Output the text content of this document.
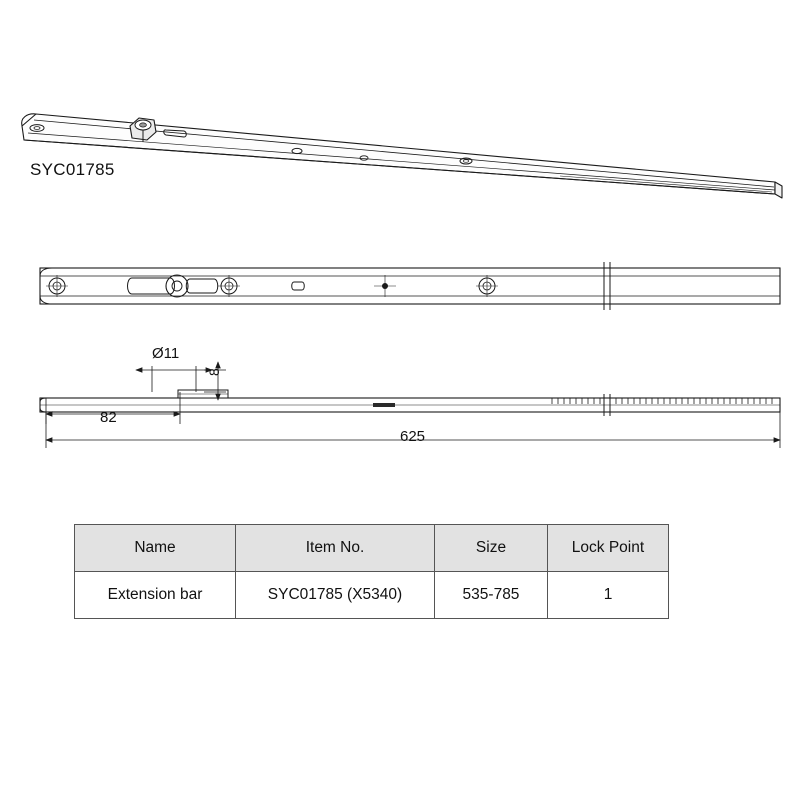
SYC01785
Ø11
8
82
625
Name	Item No.	Size	Lock Point
Extension bar	SYC01785 (X5340)	535-785	1
